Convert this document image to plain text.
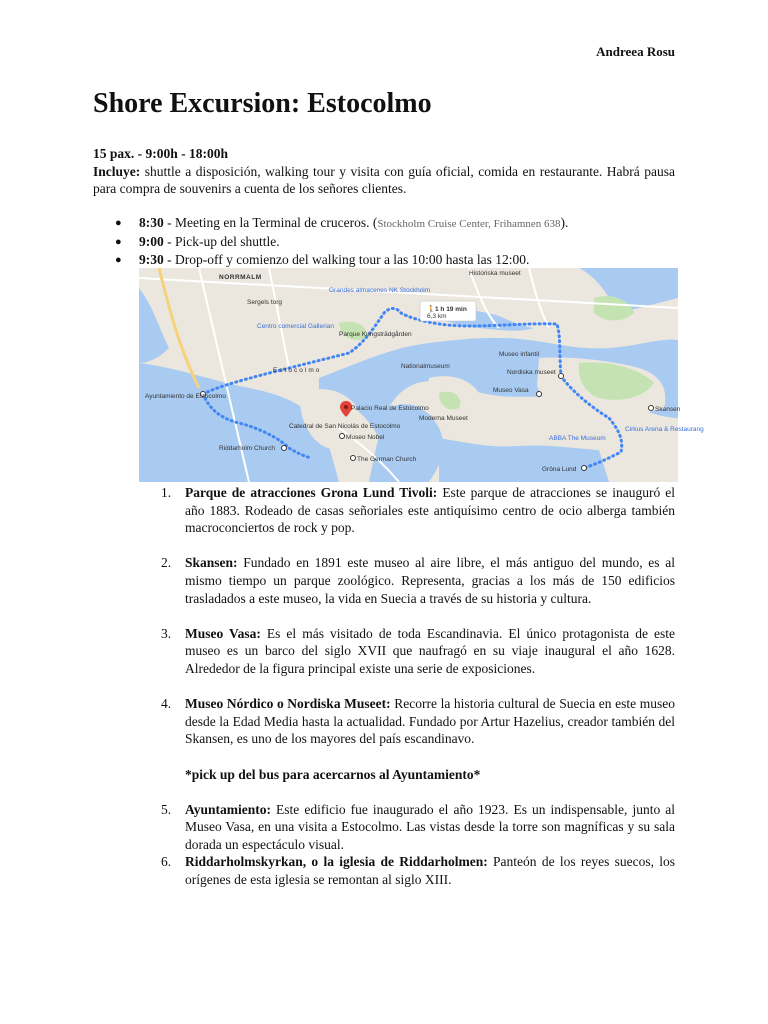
Andreea Rosu
Shore Excursion: Estocolmo
15 pax. - 9:00h - 18:00h
Incluye: shuttle a disposición, walking tour y visita con guía oficial, comida en restaurante. Habrá pausa para compra de souvenirs a cuenta de los señores clientes.
● 8:30 - Meeting en la Terminal de cruceros. (Stockholm Cruise Center, Frihamnen 638).
● 9:00 - Pick-up del shuttle.
● 9:30 - Drop-off y comienzo del walking tour a las 10:00 hasta las 12:00.
🚶 1 h 19 min
6,3 km
NORRMALM
Estocolmo
Ayuntamiento de Estocolmo
Palacio Real de Estocolmo
Catedral de San Nicolás de Estocolmo
Riddarholm Church
Museo Nobel
The German Church
Nordiska museet
Museo Vasa
Skansen
Gröna Lund
ABBA The Museum
Cirkus Arena & Restaurang
Parque Kungsträdgården
Moderna Museet
Nationalmuseum
Museo infantil
Sergels torg
Centro comercial Gallerian
Grandes almacenes NK Stockholm
Historiska museet
1. Parque de atracciones Grona Lund Tivoli: Este parque de atracciones se inauguró el año 1883. Rodeado de casas señoriales este antiquísimo centro de ocio alberga también macroconciertos de rock y pop.
2. Skansen: Fundado en 1891 este museo al aire libre, el más antiguo del mundo, es al mismo tiempo un parque zoológico. Representa, gracias a los más de 150 edificios trasladados a este museo, la vida en Suecia a través de su historia y cultura.
3. Museo Vasa: Es el más visitado de toda Escandinavia. El único protagonista de este museo es un barco del siglo XVII que naufragó en su viaje inaugural el año 1628. Alrededor de la figura principal existe una serie de exposiciones.
4. Museo Nórdico o Nordiska Museet: Recorre la historia cultural de Suecia en este museo desde la Edad Media hasta la actualidad. Fundado por Artur Hazelius, creador también del Skansen, es uno de los mayores del país escandinavo.
*pick up del bus para acercarnos al Ayuntamiento*
5. Ayuntamiento: Este edificio fue inaugurado el año 1923. Es un indispensable, junto al Museo Vasa, en una visita a Estocolmo. Las vistas desde la torre son magníficas y su sala dorada un espectáculo visual.
6. Riddarholmskyrkan, o la iglesia de Riddarholmen: Panteón de los reyes suecos, los orígenes de esta iglesia se remontan al siglo XIII.
